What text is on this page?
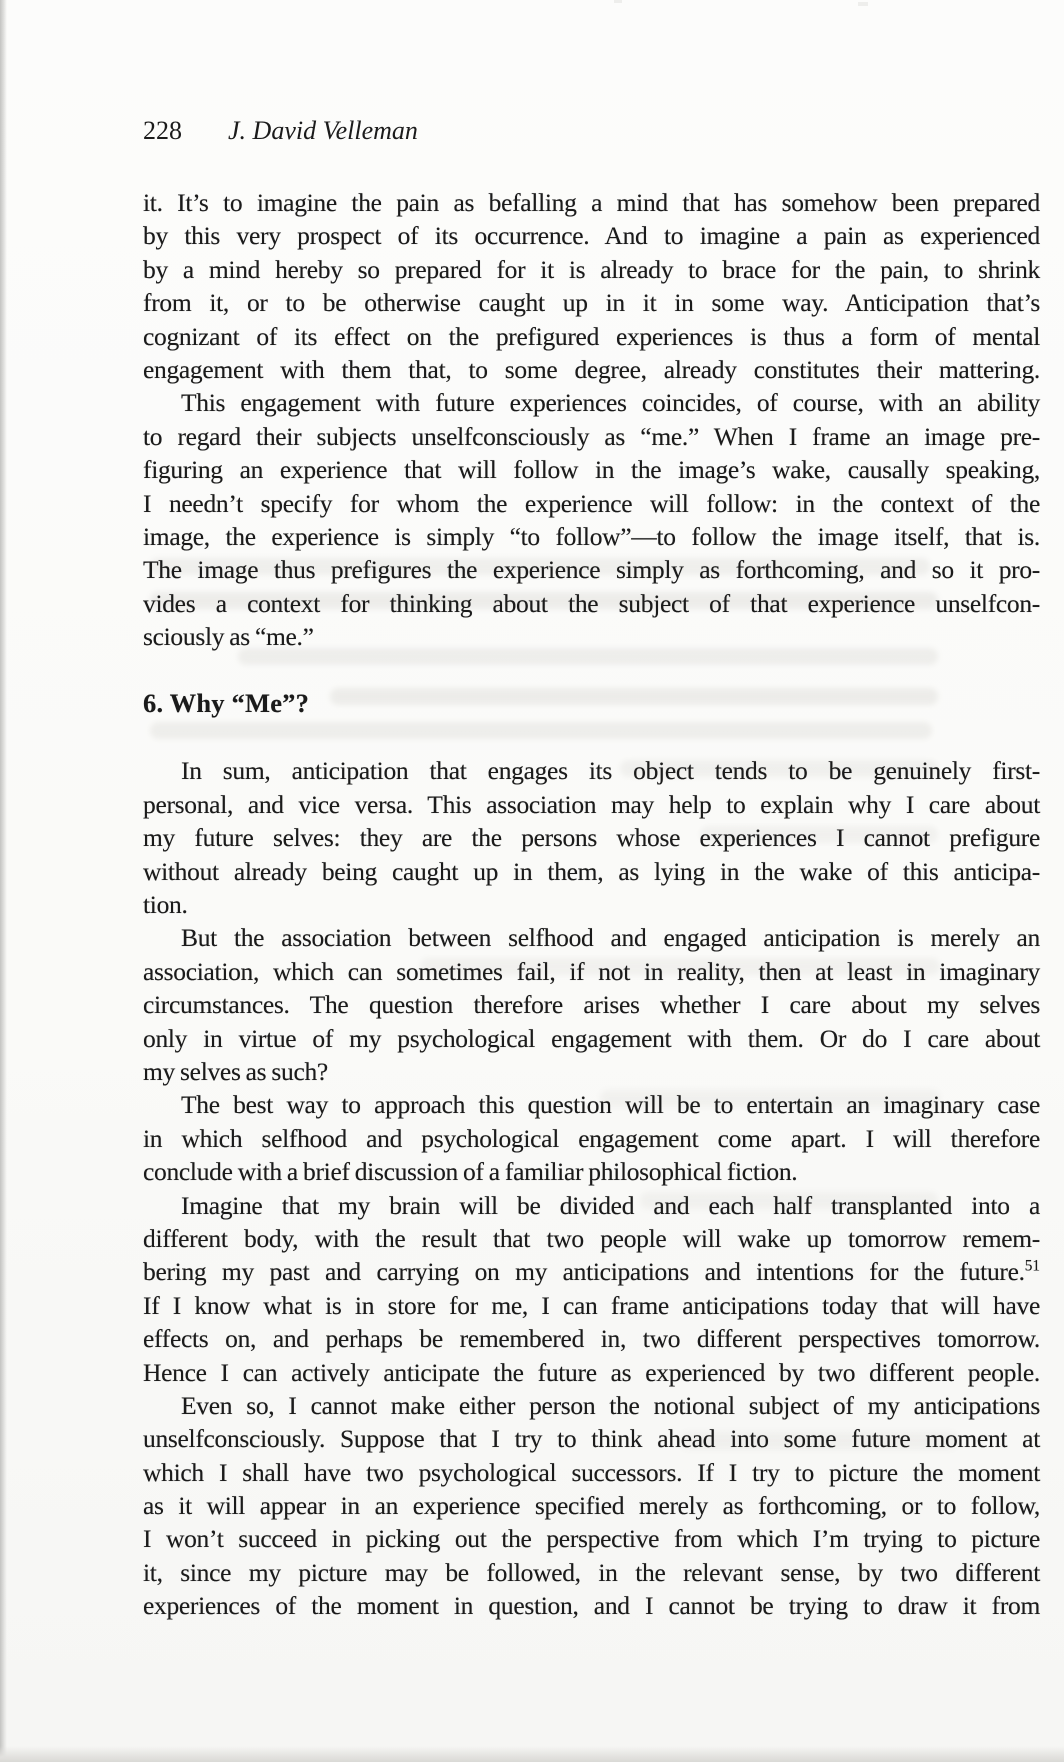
228 J. David Velleman
it. It’s to imagine the pain as befalling a mind that has somehow been prepared
by this very prospect of its occurrence. And to imagine a pain as experienced
by a mind hereby so prepared for it is already to brace for the pain, to shrink
from it, or to be otherwise caught up in it in some way. Anticipation that’s
cognizant of its effect on the prefigured experiences is thus a form of mental
engagement with them that, to some degree, already constitutes their mattering.
This engagement with future experiences coincides, of course, with an ability
to regard their subjects unselfconsciously as “me.” When I frame an image pre-
figuring an experience that will follow in the image’s wake, causally speaking,
I needn’t specify for whom the experience will follow: in the context of the
image, the experience is simply “to follow”—to follow the image itself, that is.
The image thus prefigures the experience simply as forthcoming, and so it pro-
vides a context for thinking about the subject of that experience unselfcon-
sciously as “me.”
6. Why “Me”?
In sum, anticipation that engages its object tends to be genuinely first-
personal, and vice versa. This association may help to explain why I care about
my future selves: they are the persons whose experiences I cannot prefigure
without already being caught up in them, as lying in the wake of this anticipa-
tion.
But the association between selfhood and engaged anticipation is merely an
association, which can sometimes fail, if not in reality, then at least in imaginary
circumstances. The question therefore arises whether I care about my selves
only in virtue of my psychological engagement with them. Or do I care about
my selves as such?
The best way to approach this question will be to entertain an imaginary case
in which selfhood and psychological engagement come apart. I will therefore
conclude with a brief discussion of a familiar philosophical fiction.
Imagine that my brain will be divided and each half transplanted into a
different body, with the result that two people will wake up tomorrow remem-
bering my past and carrying on my anticipations and intentions for the future.$^{51}$
If I know what is in store for me, I can frame anticipations today that will have
effects on, and perhaps be remembered in, two different perspectives tomorrow.
Hence I can actively anticipate the future as experienced by two different people.
Even so, I cannot make either person the notional subject of my anticipations
unselfconsciously. Suppose that I try to think ahead into some future moment at
which I shall have two psychological successors. If I try to picture the moment
as it will appear in an experience specified merely as forthcoming, or to follow,
I won’t succeed in picking out the perspective from which I’m trying to picture
it, since my picture may be followed, in the relevant sense, by two different
experiences of the moment in question, and I cannot be trying to draw it from
